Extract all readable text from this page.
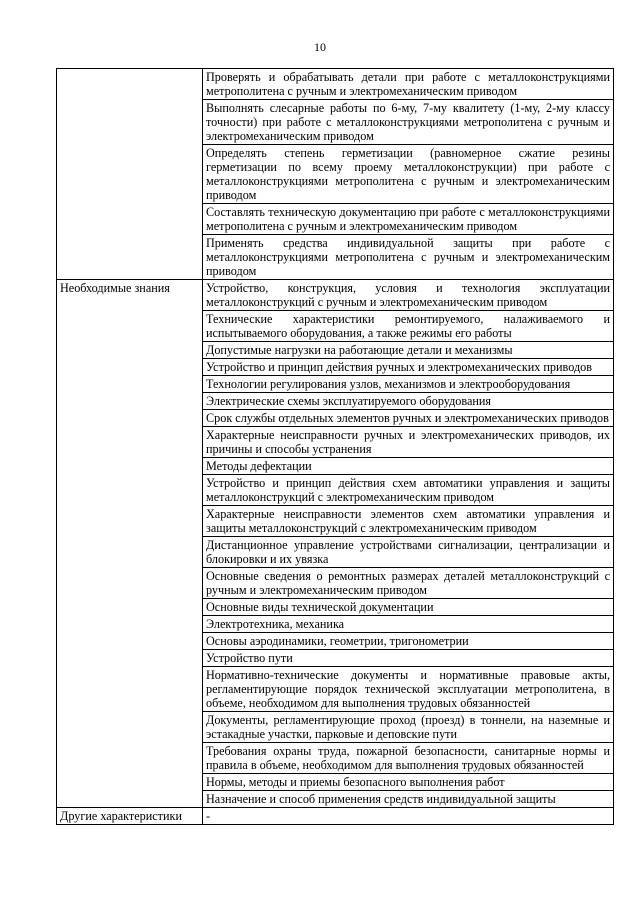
10
	Проверять и обрабатывать детали при работе с металлоконструкциями метрополитена с ручным и электромеханическим приводом
	Выполнять слесарные работы по 6-му, 7-му квалитету (1-му, 2-му классу точности) при работе с металлоконструкциями метрополитена с ручным и электромеханическим приводом
	Определять степень герметизации (равномерное сжатие резины герметизации по всему проему металлоконструкции) при работе с металлоконструкциями метрополитена с ручным и электромеханическим приводом
	Составлять техническую документацию при работе с металлоконструкциями метрополитена с ручным и электромеханическим приводом
	Применять средства индивидуальной защиты при работе с металлоконструкциями метрополитена с ручным и электромеханическим приводом
Необходимые знания	Устройство, конструкция, условия и технология эксплуатации металлоконструкций с ручным и электромеханическим приводом
	Технические характеристики ремонтируемого, налаживаемого и испытываемого оборудования, а также режимы его работы
	Допустимые нагрузки на работающие детали и механизмы
	Устройство и принцип действия ручных и электромеханических приводов
	Технологии регулирования узлов, механизмов и электрооборудования
	Электрические схемы эксплуатируемого оборудования
	Срок службы отдельных элементов ручных и электромеханических приводов
	Характерные неисправности ручных и электромеханических приводов, их причины и способы устранения
	Методы дефектации
	Устройство и принцип действия схем автоматики управления и защиты металлоконструкций с электромеханическим приводом
	Характерные неисправности элементов схем автоматики управления и защиты металлоконструкций с электромеханическим приводом
	Дистанционное управление устройствами сигнализации, централизации и блокировки и их увязка
	Основные сведения о ремонтных размерах деталей металлоконструкций с ручным и электромеханическим приводом
	Основные виды технической документации
	Электротехника, механика
	Основы аэродинамики, геометрии, тригонометрии
	Устройство пути
	Нормативно-технические документы и нормативные правовые акты, регламентирующие порядок технической эксплуатации метрополитена, в объеме, необходимом для выполнения трудовых обязанностей
	Документы, регламентирующие проход (проезд) в тоннели, на наземные и эстакадные участки, парковые и деповские пути
	Требования охраны труда, пожарной безопасности, санитарные нормы и правила в объеме, необходимом для выполнения трудовых обязанностей
	Нормы, методы и приемы безопасного выполнения работ
	Назначение и способ применения средств индивидуальной защиты
Другие характеристики	-
